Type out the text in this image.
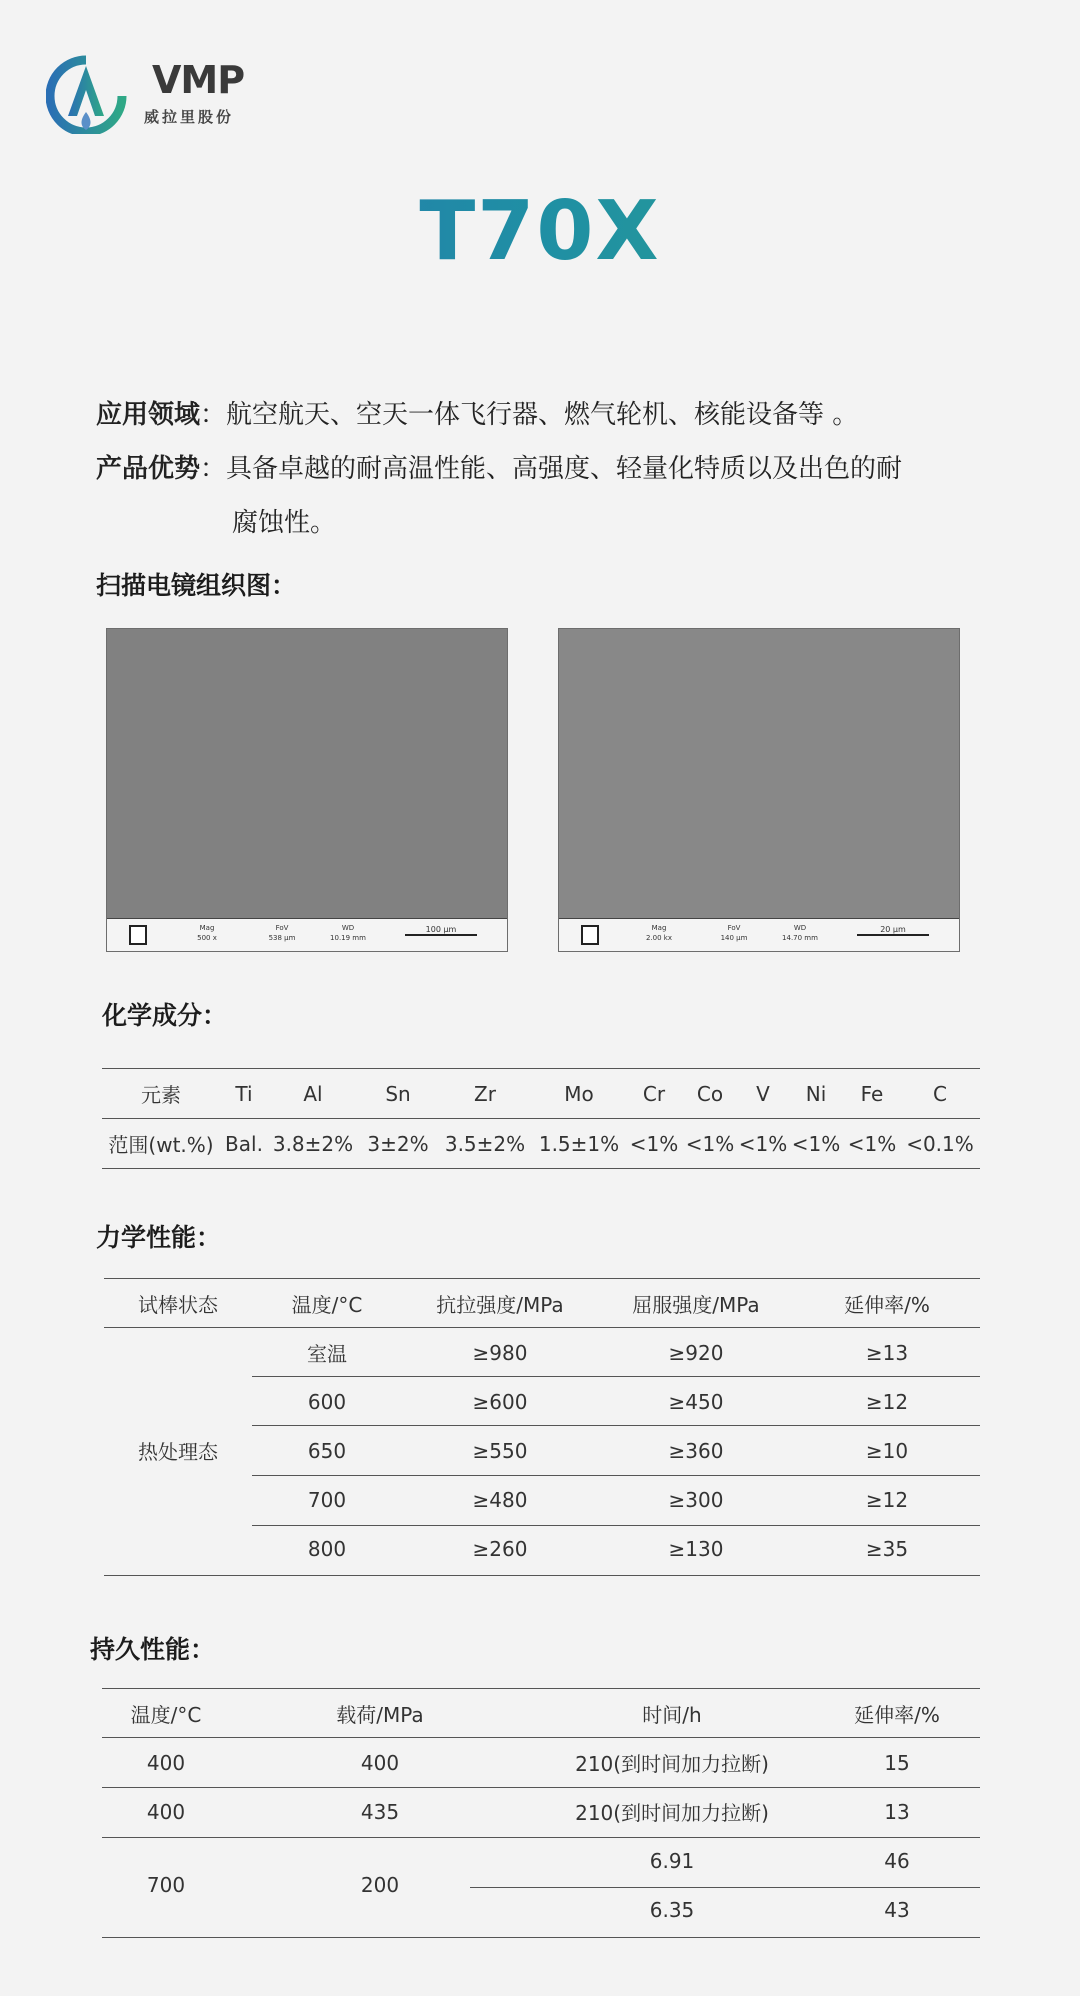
VMP
威拉里股份
T70X
应用领域：航空航天、空天一体飞行器、燃气轮机、核能设备等 。
产品优势：具备卓越的耐高温性能、高强度、轻量化特质以及出色的耐
腐蚀性。
扫描电镜组织图：
Mag
500 x
FoV
538 µm
WD
10.19 mm
100 µm	Mag
2.00 kx
FoV
140 µm
WD
14.70 mm
20 µm
化学成分：
元素	Ti	Al	Sn	Zr	Mo	Cr	Co	V	Ni	Fe	C
范围(wt.%)	Bal.	3.8±2%	3±2%	3.5±2%	1.5±1%	<1%	<1%	<1%	<1%	<1%	<0.1%
力学性能：
试棒状态	温度/°C	抗拉强度/MPa	屈服强度/MPa	延伸率/%
热处理态	室温	≥980	≥920	≥13
	600	≥600	≥450	≥12
	650	≥550	≥360	≥10
	700	≥480	≥300	≥12
	800	≥260	≥130	≥35
持久性能：
温度/°C	载荷/MPa	时间/h	延伸率/%
400	400	210(到时间加力拉断)	15
400	435	210(到时间加力拉断)	13
700	200	6.91	46
		6.35	43
